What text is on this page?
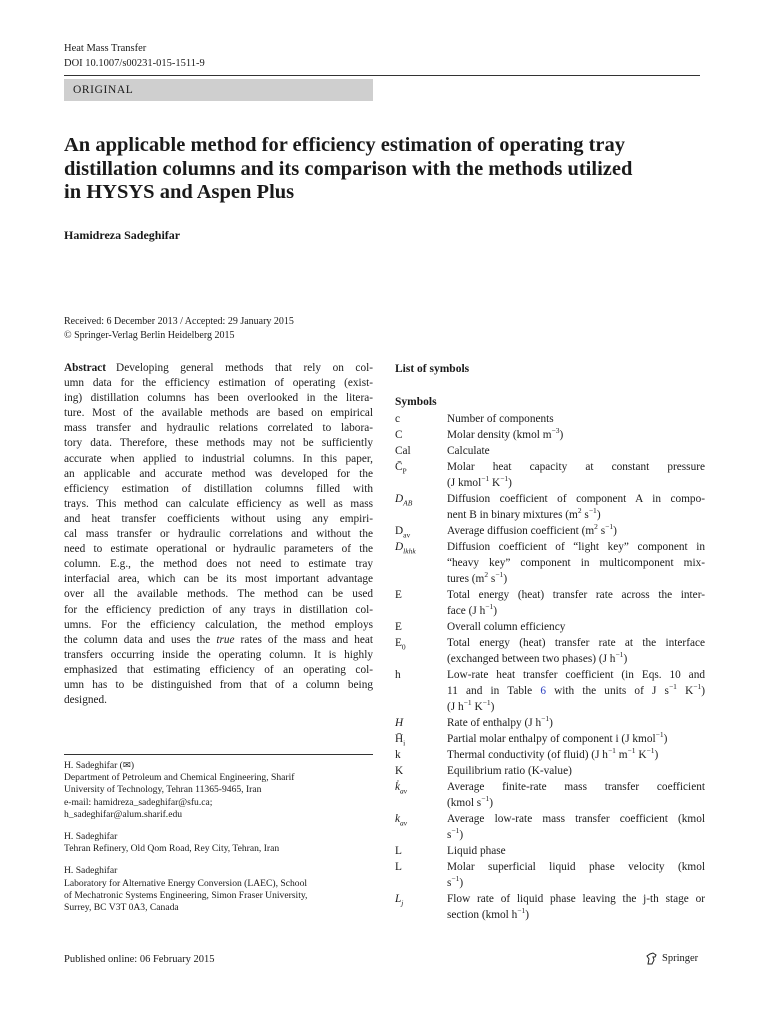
Heat Mass Transfer
DOI 10.1007/s00231-015-1511-9
ORIGINAL
An applicable method for efficiency estimation of operating tray
distillation columns and its comparison with the methods utilized
in HYSYS and Aspen Plus
Hamidreza Sadeghifar
Received: 6 December 2013 / Accepted: 29 January 2015
© Springer-Verlag Berlin Heidelberg 2015
Abstract Developing general methods that rely on col-
umn data for the efficiency estimation of operating (exist-
ing) distillation columns has been overlooked in the litera-
ture. Most of the available methods are based on empirical
mass transfer and hydraulic relations correlated to labora-
tory data. Therefore, these methods may not be sufficiently
accurate when applied to industrial columns. In this paper,
an applicable and accurate method was developed for the
efficiency estimation of distillation columns filled with
trays. This method can calculate efficiency as well as mass
and heat transfer coefficients without using any empiri-
cal mass transfer or hydraulic correlations and without the
need to estimate operational or hydraulic parameters of the
column. E.g., the method does not need to estimate tray
interfacial area, which can be its most important advantage
over all the available methods. The method can be used
for the efficiency prediction of any trays in distillation col-
umns. For the efficiency calculation, the method employs
the column data and uses the true rates of the mass and heat
transfers occurring inside the operating column. It is highly
emphasized that estimating efficiency of an operating col-
umn has to be distinguished from that of a column being
designed.
H. Sadeghifar (✉)
Department of Petroleum and Chemical Engineering, Sharif
University of Technology, Tehran 11365-9465, Iran
e-mail: hamidreza_sadeghifar@sfu.ca;
h_sadeghifar@alum.sharif.edu
H. Sadeghifar
Tehran Refinery, Old Qom Road, Rey City, Tehran, Iran
H. Sadeghifar
Laboratory for Alternative Energy Conversion (LAEC), School
of Mechatronic Systems Engineering, Simon Fraser University,
Surrey, BC V3T 0A3, Canada
List of symbols
Symbols
c	Number of components
C	Molar density (kmol $m^{-3}$)
Cal	Calculate
$C̄_P$	Molar heat capacity at constant pressure
(J kmol$^{-1}$ $K^{-1}$)
$D_{AB}$	Diffusion coefficient of component A in compo-
nent B in binary mixtures ($m^2$ $s^{-1}$)
$D_{av}$	Average diffusion coefficient ($m^2$ $s^{-1}$)
$D_{lkhk}$	Diffusion coefficient of “light key” component in
“heavy key” component in multicomponent mix-
tures ($m^2$ $s^{-1}$)
E	Total energy (heat) transfer rate across the inter-
face (J $h^{-1}$)
E	Overall column efficiency
$E_0$	Total energy (heat) transfer rate at the interface
(exchanged between two phases) (J $h^{-1}$)
h	Low-rate heat transfer coefficient (in Eqs. 10 and
11 and in Table 6 with the units of J $s^{-1}$ $K^{-1}$)
(J $h^{-1}$ $K^{-1}$)
H	Rate of enthalpy (J $h^{-1}$)
$H̄_i$	Partial molar enthalpy of component i (J kmol$^{-1}$)
k	Thermal conductivity (of fluid) (J $h^{-1}$ $m^{-1}$ $K^{-1}$)
K	Equilibrium ratio (K-value)
$k̇_{av}$	Average finite-rate mass transfer coefficient
(kmol $s^{-1}$)
$k_{av}$	Average low-rate mass transfer coefficient (kmol
$s^{-1}$)
L	Liquid phase
L	Molar superficial liquid phase velocity (kmol
$s^{-1}$)
$L_j$	Flow rate of liquid phase leaving the j-th stage or
section (kmol $h^{-1}$)
Published online: 06 February 2015	Springer
